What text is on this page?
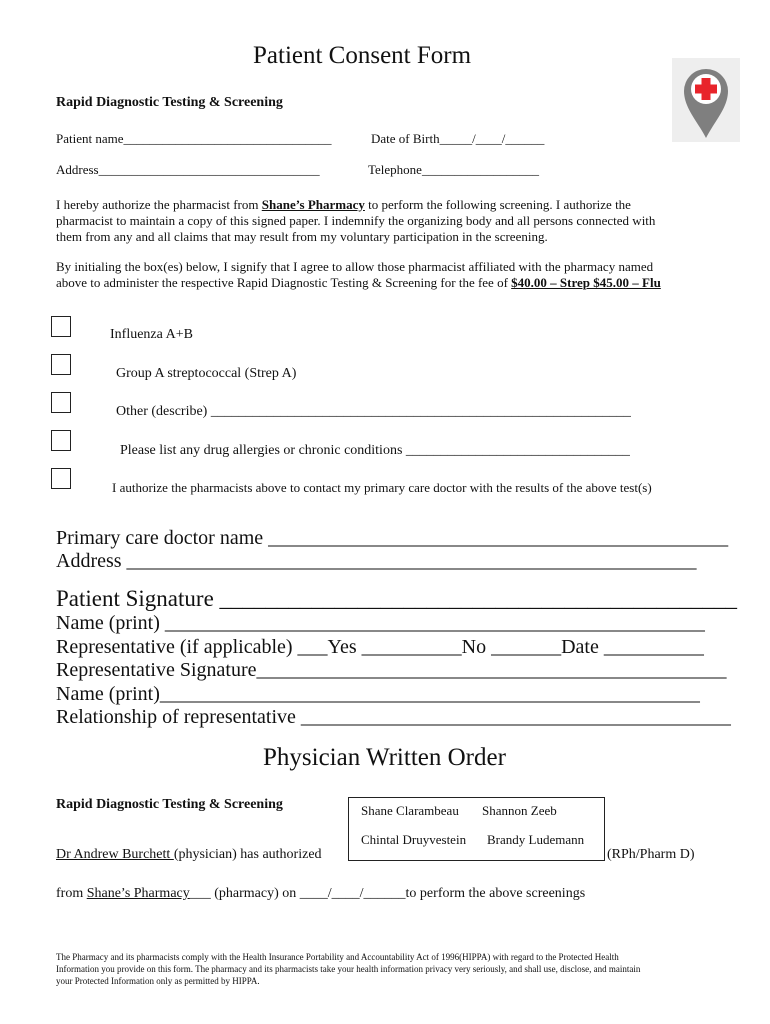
Patient Consent Form
Rapid Diagnostic Testing & Screening
Patient name________________________________	Date of Birth_____/____/______
Address__________________________________	Telephone__________________
I hereby authorize the pharmacist from Shane’s Pharmacy to perform the following screening. I authorize the
pharmacist to maintain a copy of this signed paper. I indemnify the organizing body and all persons connected with
them from any and all claims that may result from my voluntary participation in the screening.
By initialing the box(es) below, I signify that I agree to allow those pharmacist affiliated with the pharmacy named
above to administer the respective Rapid Diagnostic Testing & Screening for the fee of $40.00 – Strep $45.00 – Flu
Influenza A+B
Group A streptococcal (Strep A)
Other (describe) ____________________________________________________________
Please list any drug allergies or chronic conditions ________________________________
I authorize the pharmacists above to contact my primary care doctor with the results of the above test(s)
Primary care doctor name ______________________________________________
Address _________________________________________________________
Patient Signature _____________________________________________
Name (print) ______________________________________________________
Representative (if applicable) ___Yes __________No _______Date __________
Representative Signature_______________________________________________
Name (print)______________________________________________________
Relationship of representative ___________________________________________
Physician Written Order
Rapid Diagnostic Testing & Screening
Dr Andrew Burchett (physician) has authorized
Shane Clarambeau Shannon Zeeb
Chintal Druyvestein Brandy Ludemann
(RPh/Pharm D)
from Shane’s Pharmacy___ (pharmacy) on ____/____/______to perform the above screenings
The Pharmacy and its pharmacists comply with the Health Insurance Portability and Accountability Act of 1996(HIPPA) with regard to the Protected Health
Information you provide on this form. The pharmacy and its pharmacists take your health information privacy very seriously, and shall use, disclose, and maintain
your Protected Information only as permitted by HIPPA.
